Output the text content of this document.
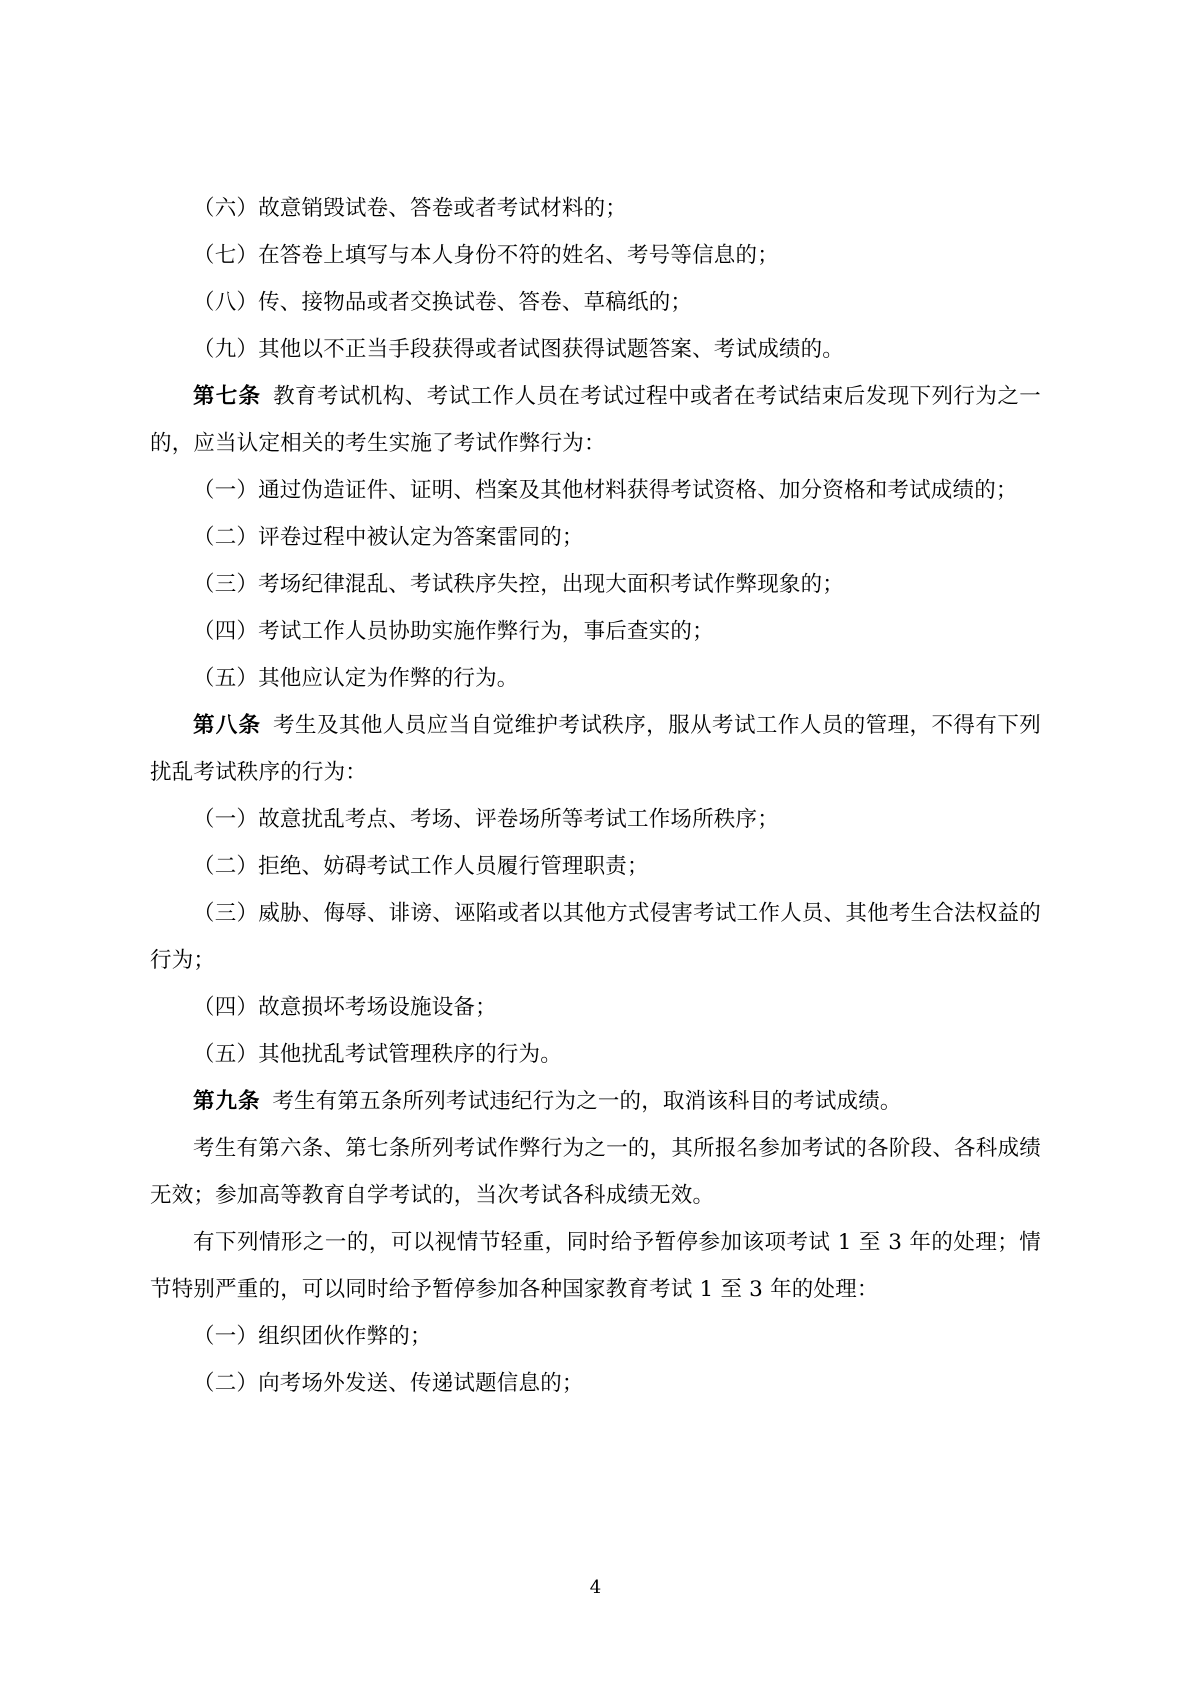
（六）故意销毁试卷、答卷或者考试材料的；

（七）在答卷上填写与本人身份不符的姓名、考号等信息的；

（八）传、接物品或者交换试卷、答卷、草稿纸的；

（九）其他以不正当手段获得或者试图获得试题答案、考试成绩的。

第七条 教育考试机构、考试工作人员在考试过程中或者在考试结束后发现下列行为之一的，应当认定相关的考生实施了考试作弊行为：

（一）通过伪造证件、证明、档案及其他材料获得考试资格、加分资格和考试成绩的；

（二）评卷过程中被认定为答案雷同的；

（三）考场纪律混乱、考试秩序失控，出现大面积考试作弊现象的；

（四）考试工作人员协助实施作弊行为，事后查实的；

（五）其他应认定为作弊的行为。

第八条 考生及其他人员应当自觉维护考试秩序，服从考试工作人员的管理，不得有下列扰乱考试秩序的行为：

（一）故意扰乱考点、考场、评卷场所等考试工作场所秩序；

（二）拒绝、妨碍考试工作人员履行管理职责；

（三）威胁、侮辱、诽谤、诬陷或者以其他方式侵害考试工作人员、其他考生合法权益的行为；

（四）故意损坏考场设施设备；

（五）其他扰乱考试管理秩序的行为。

第九条 考生有第五条所列考试违纪行为之一的，取消该科目的考试成绩。

考生有第六条、第七条所列考试作弊行为之一的，其所报名参加考试的各阶段、各科成绩无效；参加高等教育自学考试的，当次考试各科成绩无效。

有下列情形之一的，可以视情节轻重，同时给予暂停参加该项考试 1 至 3 年的处理；情节特别严重的，可以同时给予暂停参加各种国家教育考试 1 至 3 年的处理：

（一）组织团伙作弊的；

（二）向考场外发送、传递试题信息的；

4
